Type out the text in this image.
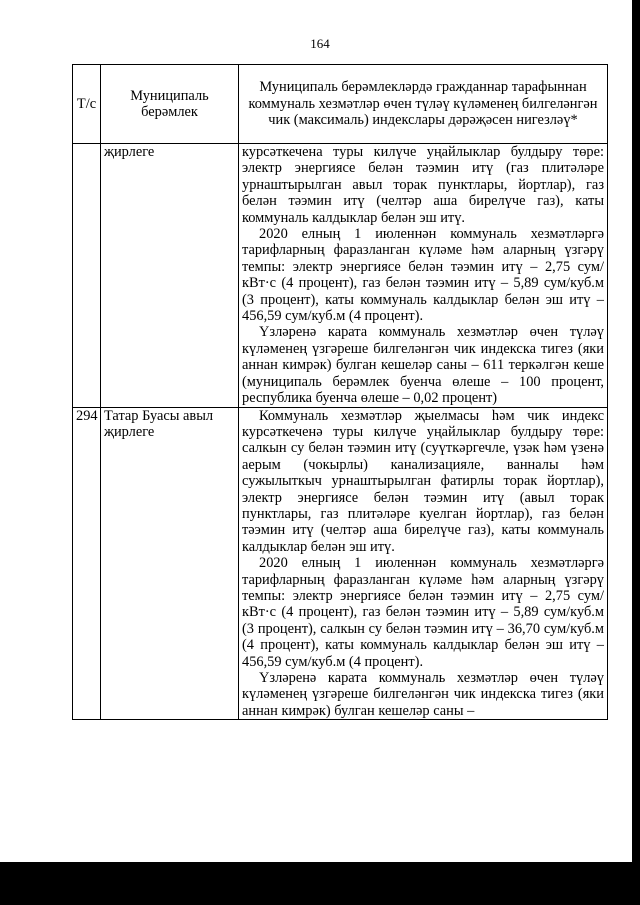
164
Т/с	Муниципаль берәмлек	Муниципаль берәмлекләрдә гражданнар тарафыннан коммуналь хезмәтләр өчен түләү күләменең билгеләнгән чик (максималь) индекслары дәрәҗәсен нигезләү*
	җирлеге	курсәткечена туры килүче уңайлыклар булдыру төре: электр энергиясе белән тәэмин итү (газ плитәләре урнаштырылган авыл торак пунктлары, йортлар), газ белән тәэмин итү (челтәр аша бирелүче газ), каты коммуналь калдыклар белән эш итү.

2020 елның 1 июленнән коммуналь хезмәтләргә тарифларның фаразланган күләме һәм аларның үзгәрү темпы: электр энергиясе белән тәэмин итү – 2,75 сум/кВт·с (4 процент), газ белән тәэмин итү – 5,89 сум/куб.м (3 процент), каты коммуналь калдыклар белән эш итү – 456,59 сум/куб.м (4 процент).

Үзләренә карата коммуналь хезмәтләр өчен түләү күләменең үзгәреше билгеләнгән чик индекска тигез (яки аннан кимрәк) булган кешеләр саны – 611 теркәлгән кеше (муниципаль берәмлек буенча өлеше – 100 процент, республика буенча өлеше – 0,02 процент)

294	Татар Буасы авыл җирлеге	Коммуналь хезмәтләр җыелмасы һәм чик индекс курсәткеченә туры килүче уңайлыклар булдыру төре: салкын су белән тәэмин итү (суүткәргечле, үзәк һәм үзенә аерым (чокырлы) канализацияле, ванналы һәм сужылыткыч урнаштырылган фатирлы торак йортлар), электр энергиясе белән тәэмин итү (авыл торак пунктлары, газ плитәләре куелган йортлар), газ белән тәэмин итү (челтәр аша бирелүче газ), каты коммуналь калдыклар белән эш итү.

2020 елның 1 июленнән коммуналь хезмәтләргә тарифларның фаразланган күләме һәм аларның үзгәрү темпы: электр энергиясе белән тәэмин итү – 2,75 сум/кВт·с (4 процент), газ белән тәэмин итү – 5,89 сум/куб.м (3 процент), салкын су белән тәэмин итү – 36,70 сум/куб.м (4 процент), каты коммуналь калдыклар белән эш итү – 456,59 сум/куб.м (4 процент).

Үзләренә карата коммуналь хезмәтләр өчен түләү күләменең үзгәреше билгеләнгән чик индекска тигез (яки аннан кимрәк) булган кешеләр саны –
